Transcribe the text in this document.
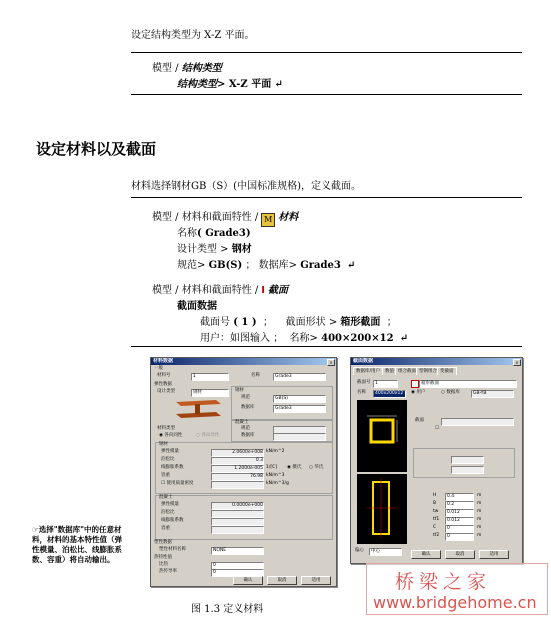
设定结构类型为 X-Z 平面。
模型 / 结构类型
结构类型> X-Z 平面 ↵
设定材料以及截面
材料选择钢材GB（S）(中国标准规格)，定义截面。
模型 / 材料和截面特性 / M 材料
名称( Grade3)
设计类型 > 钢材
规范> GB(S) ； 数据库> Grade3 ↵
模型 / 材料和截面特性 / I 截面
截面数据
截面号 ( 1 ) ； 截面形状 > 箱形截面 ；
用户：如图输入 ； 名称> 400×200×12 ↵
☞选择"数据库"中的任意材料，材料的基本特性值（弹性模量、泊松比、线膨胀系数、容重）将自动输出。
材料数据	×
一般
材料号	1	名称	Grade3
弹性数据
设计类型	钢材	钢材
规范	GB(S)
数据库	Grade3
混凝土
规范
数据库
材料类型
◉ 各向同性	○ 各向异性
钢材
弹性模量	2.0600e+008 kN/m^2
泊松比	0.3
线膨胀系数	1.2000e-005 1/[C] ◉ 摄氏 ○ 华氏
容重	76.98 kN/m^3
☐ 使用质量密度	kN/m^3/g
混凝土
弹性模量	0.0000e+000
泊松比
线膨胀系数
容重
塑性数据
塑性材料名称	NONE
热特性值
比热	0
热传导率	0
确认	取消	适用
截面数据	×
数据库/用户	数值 组合截面 型钢组合 变截面
截面号	1	箱形截面
名称	400x200x12	◉ 用户	○ 数据库	GB-YB
截面
☐
H	0.4	m
B	0.2	m
tw	0.012	m
tf1	0.012	m
C	0	m
tf2	0	m
偏心	中心
确认	取消	适用
图 1.3 定义材料
桥梁之家
www.bridgehome.cn
